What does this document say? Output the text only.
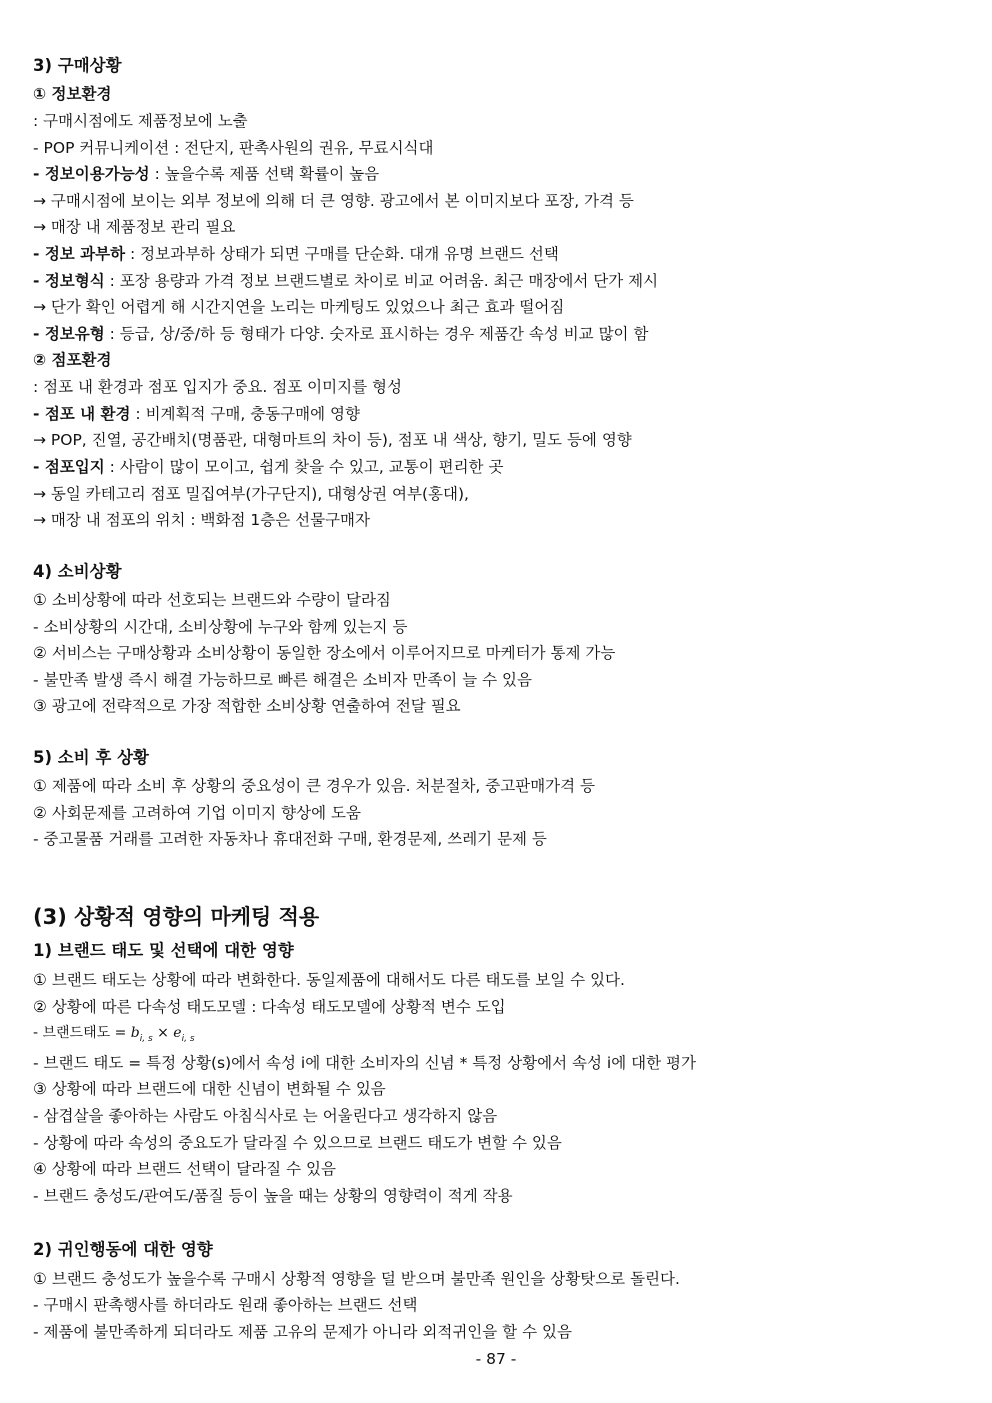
3) 구매상황
① 정보환경
: 구매시점에도 제품정보에 노출
- POP 커뮤니케이션 : 전단지, 판촉사원의 권유, 무료시식대
- 정보이용가능성 : 높을수록 제품 선택 확률이 높음
→ 구매시점에 보이는 외부 정보에 의해 더 큰 영향. 광고에서 본 이미지보다 포장, 가격 등
→ 매장 내 제품정보 관리 필요
- 정보 과부하 : 정보과부하 상태가 되면 구매를 단순화. 대개 유명 브랜드 선택
- 정보형식 : 포장 용량과 가격 정보 브랜드별로 차이로 비교 어려움. 최근 매장에서 단가 제시
→ 단가 확인 어렵게 해 시간지연을 노리는 마케팅도 있었으나 최근 효과 떨어짐
- 정보유형 : 등급, 상/중/하 등 형태가 다양. 숫자로 표시하는 경우 제품간 속성 비교 많이 함
② 점포환경
: 점포 내 환경과 점포 입지가 중요. 점포 이미지를 형성
- 점포 내 환경 : 비계획적 구매, 충동구매에 영향
→ POP, 진열, 공간배치(명품관, 대형마트의 차이 등), 점포 내 색상, 향기, 밀도 등에 영향
- 점포입지 : 사람이 많이 모이고, 쉽게 찾을 수 있고, 교통이 편리한 곳
→ 동일 카테고리 점포 밀집여부(가구단지), 대형상권 여부(홍대),
→ 매장 내 점포의 위치 : 백화점 1층은 선물구매자
4) 소비상황
① 소비상황에 따라 선호되는 브랜드와 수량이 달라짐
- 소비상황의 시간대, 소비상황에 누구와 함께 있는지 등
② 서비스는 구매상황과 소비상황이 동일한 장소에서 이루어지므로 마케터가 통제 가능
- 불만족 발생 즉시 해결 가능하므로 빠른 해결은 소비자 만족이 늘 수 있음
③ 광고에 전략적으로 가장 적합한 소비상황 연출하여 전달 필요
5) 소비 후 상황
① 제품에 따라 소비 후 상황의 중요성이 큰 경우가 있음. 처분절차, 중고판매가격 등
② 사회문제를 고려하여 기업 이미지 향상에 도움
- 중고물품 거래를 고려한 자동차나 휴대전화 구매, 환경문제, 쓰레기 문제 등
(3) 상황적 영향의 마케팅 적용
1) 브랜드 태도 및 선택에 대한 영향
① 브랜드 태도는 상황에 따라 변화한다. 동일제품에 대해서도 다른 태도를 보일 수 있다.
② 상황에 따른 다속성 태도모델 : 다속성 태도모델에 상황적 변수 도입
- 브랜드태도 = $b_{i, s} \times e_{i, s}$
- 브랜드 태도 = 특정 상황(s)에서 속성 i에 대한 소비자의 신념 * 특정 상황에서 속성 i에 대한 평가
③ 상황에 따라 브랜드에 대한 신념이 변화될 수 있음
- 삼겹살을 좋아하는 사람도 아침식사로 는 어울린다고 생각하지 않음
- 상황에 따라 속성의 중요도가 달라질 수 있으므로 브랜드 태도가 변할 수 있음
④ 상황에 따라 브랜드 선택이 달라질 수 있음
- 브랜드 충성도/관여도/품질 등이 높을 때는 상황의 영향력이 적게 작용
2) 귀인행동에 대한 영향
① 브랜드 충성도가 높을수록 구매시 상황적 영향을 덜 받으며 불만족 원인을 상황탓으로 돌린다.
- 구매시 판촉행사를 하더라도 원래 좋아하는 브랜드 선택
- 제품에 불만족하게 되더라도 제품 고유의 문제가 아니라 외적귀인을 할 수 있음
- 87 -
